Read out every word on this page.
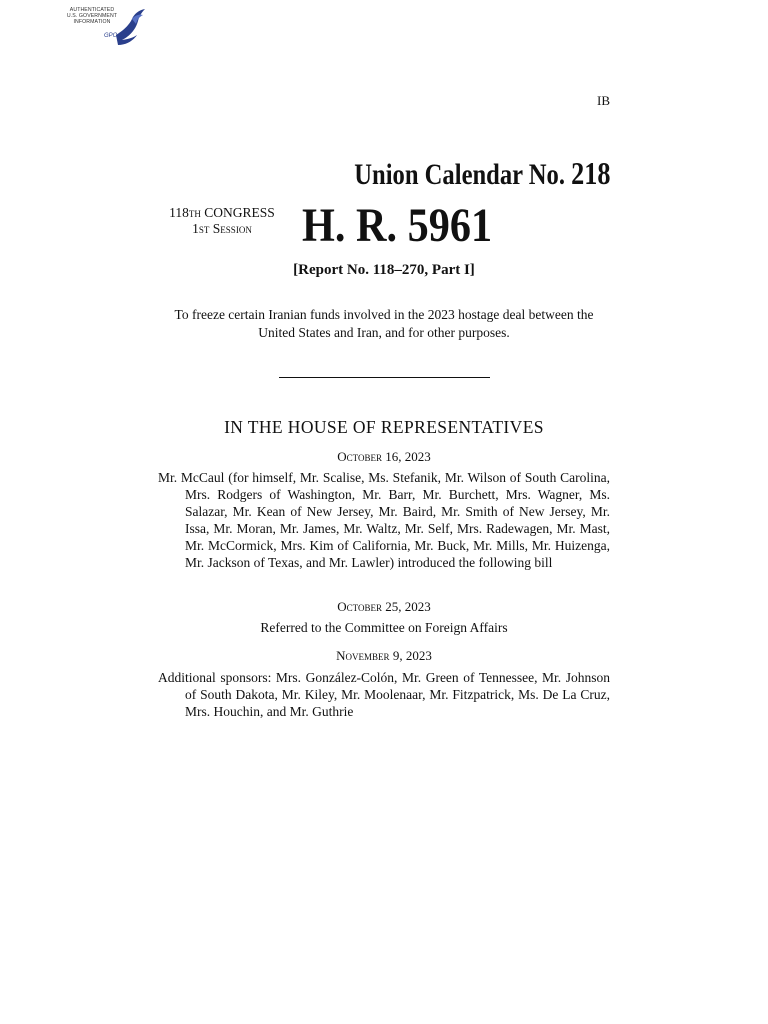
AUTHENTICATED
U.S. GOVERNMENT
INFORMATION
GPO
IB
Union Calendar No. 218
118th CONGRESS
1st Session	H. R. 5961
[Report No. 118–270, Part I]
To freeze certain Iranian funds involved in the 2023 hostage deal between the United States and Iran, and for other purposes.
IN THE HOUSE OF REPRESENTATIVES
October 16, 2023
Mr. McCaul (for himself, Mr. Scalise, Ms. Stefanik, Mr. Wilson of South Carolina, Mrs. Rodgers of Washington, Mr. Barr, Mr. Burchett, Mrs. Wagner, Ms. Salazar, Mr. Kean of New Jersey, Mr. Baird, Mr. Smith of New Jersey, Mr. Issa, Mr. Moran, Mr. James, Mr. Waltz, Mr. Self, Mrs. Radewagen, Mr. Mast, Mr. McCormick, Mrs. Kim of California, Mr. Buck, Mr. Mills, Mr. Huizenga, Mr. Jackson of Texas, and Mr. Lawler) introduced the following bill
October 25, 2023
Referred to the Committee on Foreign Affairs
November 9, 2023
Additional sponsors: Mrs. González-Colón, Mr. Green of Tennessee, Mr. Johnson of South Dakota, Mr. Kiley, Mr. Moolenaar, Mr. Fitzpatrick, Ms. De La Cruz, Mrs. Houchin, and Mr. Guthrie
